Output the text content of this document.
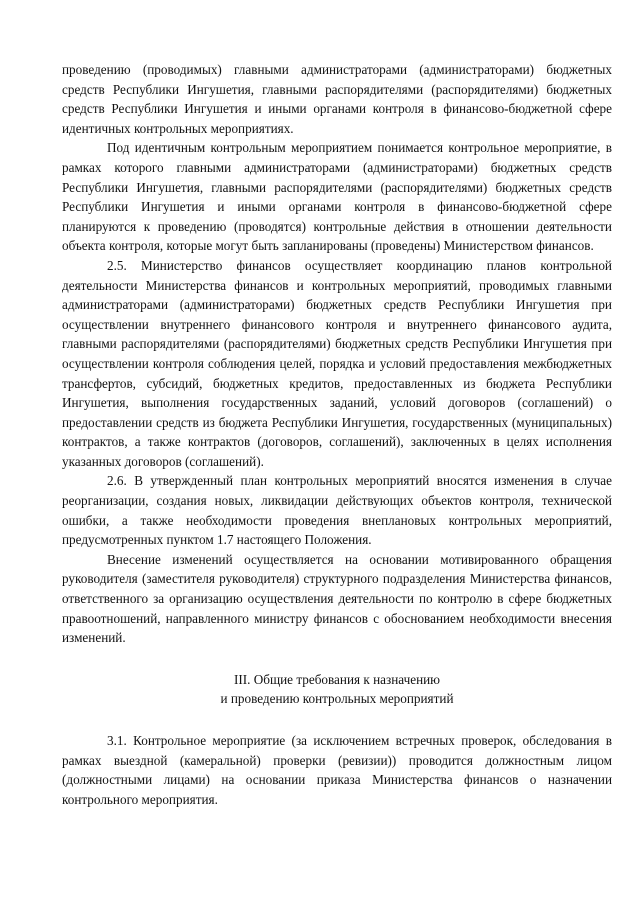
проведению (проводимых) главными администраторами (администраторами) бюджетных средств Республики Ингушетия, главными распорядителями (распорядителями) бюджетных средств Республики Ингушетия и иными органами контроля в финансово-бюджетной сфере идентичных контрольных мероприятиях.

Под идентичным контрольным мероприятием понимается контрольное мероприятие, в рамках которого главными администраторами (администраторами) бюджетных средств Республики Ингушетия, главными распорядителями (распорядителями) бюджетных средств Республики Ингушетия и иными органами контроля в финансово-бюджетной сфере планируются к проведению (проводятся) контрольные действия в отношении деятельности объекта контроля, которые могут быть запланированы (проведены) Министерством финансов.

2.5. Министерство финансов осуществляет координацию планов контрольной деятельности Министерства финансов и контрольных мероприятий, проводимых главными администраторами (администраторами) бюджетных средств Республики Ингушетия при осуществлении внутреннего финансового контроля и внутреннего финансового аудита, главными распорядителями (распорядителями) бюджетных средств Республики Ингушетия при осуществлении контроля соблюдения целей, порядка и условий предоставления межбюджетных трансфертов, субсидий, бюджетных кредитов, предоставленных из бюджета Республики Ингушетия, выполнения государственных заданий, условий договоров (соглашений) о предоставлении средств из бюджета Республики Ингушетия, государственных (муниципальных) контрактов, а также контрактов (договоров, соглашений), заключенных в целях исполнения указанных договоров (соглашений).

2.6. В утвержденный план контрольных мероприятий вносятся изменения в случае реорганизации, создания новых, ликвидации действующих объектов контроля, технической ошибки, а также необходимости проведения внеплановых контрольных мероприятий, предусмотренных пунктом 1.7 настоящего Положения.

Внесение изменений осуществляется на основании мотивированного обращения руководителя (заместителя руководителя) структурного подразделения Министерства финансов, ответственного за организацию осуществления деятельности по контролю в сфере бюджетных правоотношений, направленного министру финансов с обоснованием необходимости внесения изменений.

III. Общие требования к назначению

и проведению контрольных мероприятий

3.1. Контрольное мероприятие (за исключением встречных проверок, обследования в рамках выездной (камеральной) проверки (ревизии)) проводится должностным лицом (должностными лицами) на основании приказа Министерства финансов о назначении контрольного мероприятия.
